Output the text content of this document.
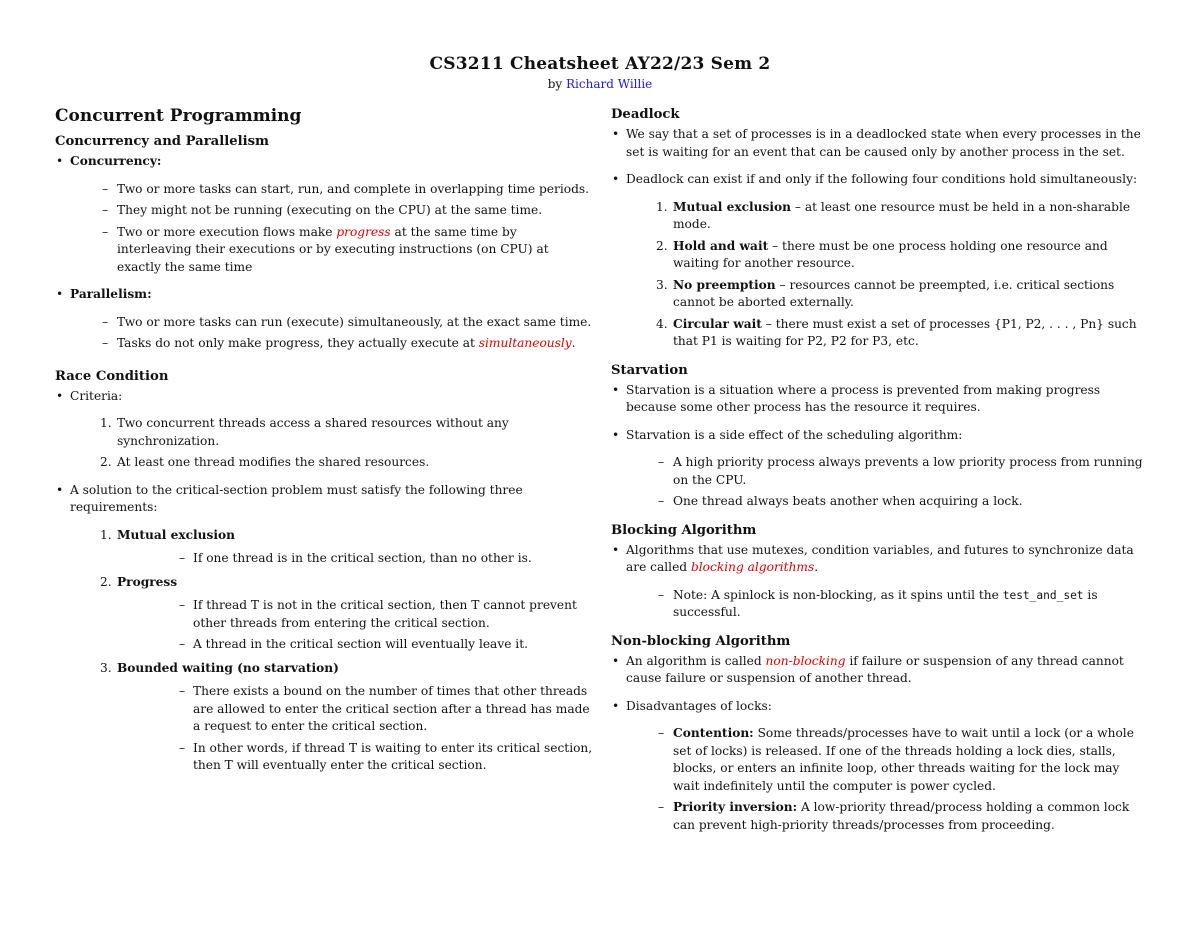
CS3211 Cheatsheet AY22/23 Sem 2
by Richard Willie
Concurrent Programming
Concurrency and Parallelism
• Concurrency:
– Two or more tasks can start, run, and complete in overlapping time periods.
– They might not be running (executing on the CPU) at the same time.
– Two or more execution flows make progress at the same time by interleaving their executions or by executing instructions (on CPU) at exactly the same time
• Parallelism:
– Two or more tasks can run (execute) simultaneously, at the exact same time.
– Tasks do not only make progress, they actually execute at simultaneously.
Race Condition
• Criteria:
1. Two concurrent threads access a shared resources without any synchronization.
2. At least one thread modifies the shared resources.
• A solution to the critical-section problem must satisfy the following three requirements:
1. Mutual exclusion
– If one thread is in the critical section, than no other is.
2. Progress
– If thread T is not in the critical section, then T cannot prevent other threads from entering the critical section.
– A thread in the critical section will eventually leave it.
3. Bounded waiting (no starvation)
– There exists a bound on the number of times that other threads are allowed to enter the critical section after a thread has made a request to enter the critical section.
– In other words, if thread T is waiting to enter its critical section, then T will eventually enter the critical section.
Deadlock
• We say that a set of processes is in a deadlocked state when every processes in the set is waiting for an event that can be caused only by another process in the set.
• Deadlock can exist if and only if the following four conditions hold simultaneously:
1. Mutual exclusion – at least one resource must be held in a non-sharable mode.
2. Hold and wait – there must be one process holding one resource and waiting for another resource.
3. No preemption – resources cannot be preempted, i.e. critical sections cannot be aborted externally.
4. Circular wait – there must exist a set of processes {P1, P2, . . . , Pn} such that P1 is waiting for P2, P2 for P3, etc.
Starvation
• Starvation is a situation where a process is prevented from making progress because some other process has the resource it requires.
• Starvation is a side effect of the scheduling algorithm:
– A high priority process always prevents a low priority process from running on the CPU.
– One thread always beats another when acquiring a lock.
Blocking Algorithm
• Algorithms that use mutexes, condition variables, and futures to synchronize data are called blocking algorithms.
– Note: A spinlock is non-blocking, as it spins until the test_and_set is successful.
Non-blocking Algorithm
• An algorithm is called non-blocking if failure or suspension of any thread cannot cause failure or suspension of another thread.
• Disadvantages of locks:
– Contention: Some threads/processes have to wait until a lock (or a whole set of locks) is released. If one of the threads holding a lock dies, stalls, blocks, or enters an infinite loop, other threads waiting for the lock may wait indefinitely until the computer is power cycled.
– Priority inversion: A low-priority thread/process holding a common lock can prevent high-priority threads/processes from proceeding.
